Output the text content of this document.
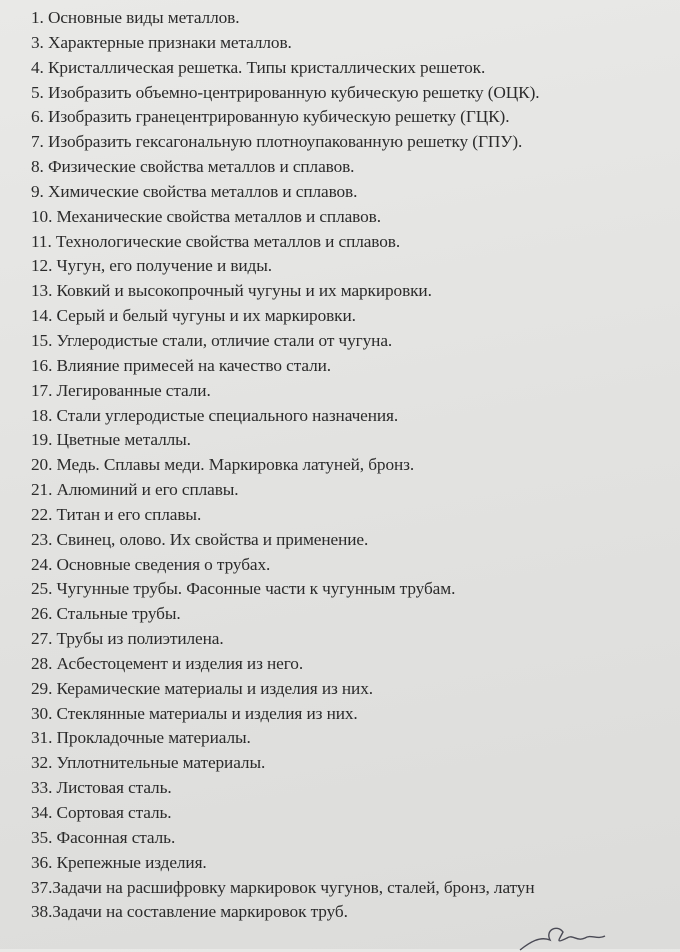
1. Основные виды металлов.
3. Характерные признаки металлов.
4. Кристаллическая решетка. Типы кристаллических решеток.
5. Изобразить объемно-центрированную кубическую решетку (ОЦК).
6. Изобразить гранецентрированную кубическую решетку (ГЦК).
7. Изобразить гексагональную плотноупакованную решетку (ГПУ).
8. Физические свойства металлов и сплавов.
9. Химические свойства металлов и сплавов.
10. Механические свойства металлов и сплавов.
11. Технологические свойства металлов и сплавов.
12. Чугун, его получение и виды.
13. Ковкий и высокопрочный чугуны и их маркировки.
14. Серый и белый чугуны и их маркировки.
15. Углеродистые стали, отличие стали от чугуна.
16. Влияние примесей на качество стали.
17. Легированные стали.
18. Стали углеродистые специального назначения.
19. Цветные металлы.
20. Медь. Сплавы меди. Маркировка латуней, бронз.
21. Алюминий и его сплавы.
22. Титан и его сплавы.
23. Свинец, олово. Их свойства и применение.
24. Основные сведения о трубах.
25. Чугунные трубы. Фасонные части к чугунным трубам.
26. Стальные трубы.
27. Трубы из полиэтилена.
28. Асбестоцемент и изделия из него.
29. Керамические материалы и изделия из них.
30. Стеклянные материалы и изделия из них.
31. Прокладочные материалы.
32. Уплотнительные материалы.
33. Листовая сталь.
34. Сортовая сталь.
35. Фасонная сталь.
36. Крепежные изделия.
37.Задачи на расшифровку маркировок чугунов, сталей, бронз, латун
38.Задачи на составление маркировок труб.
